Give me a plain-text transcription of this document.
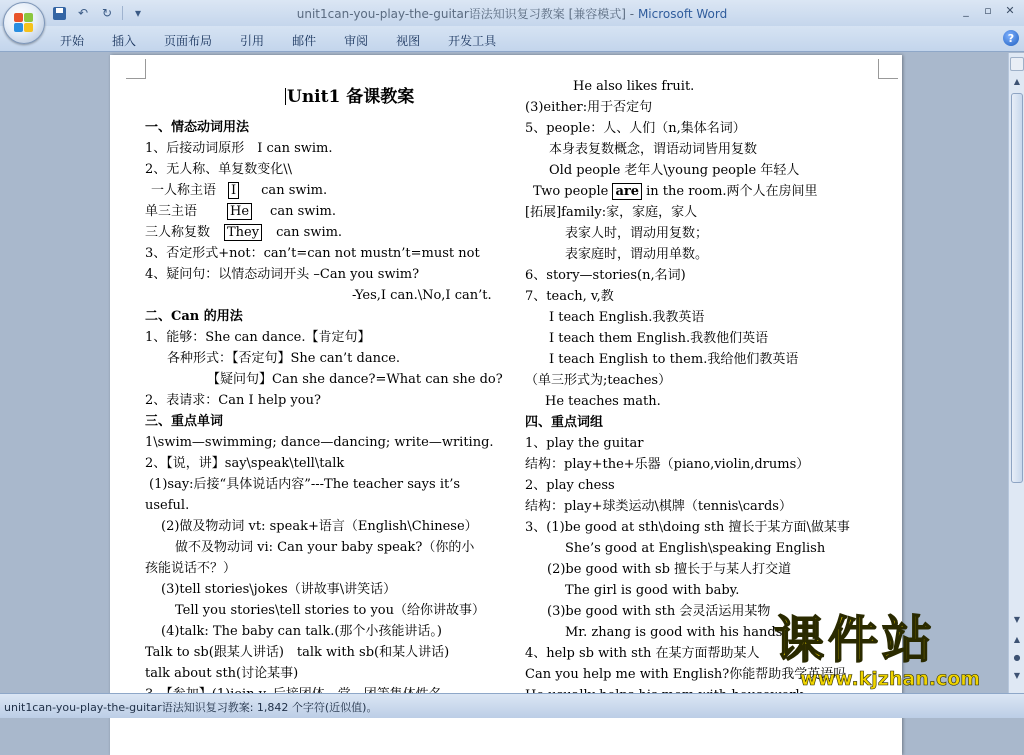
↶	↻	▾	unit1can-you-play-the-guitar语法知识复习教案 [兼容模式] - Microsoft Word	_	▫	✕
开始 插入 页面布局 引用 邮件 审阅 视图 开发工具	?
Unit1 备课教案
一、情态动词用法
1、后接动词原形　I can swim.
2、无人称、单复数变化\\
一人称主语 I can swim.
单三主语	He can swim.
三人称复数 They can swim.
3、否定形式+not：can’t=can not mustn’t=must not
4、疑问句：以情态动词开头 –Can you swim?
-Yes,I can.\No,I can’t.
二、Can 的用法
1、能够：She can dance.【肯定句】
各种形式：【否定句】She can’t dance.
【疑问句】Can she dance?=What can she do?
2、表请求：Can I help you?
三、重点单词
1\swim—swimming; dance—dancing; write—writing.
2、【说，讲】say\speak\tell\talk
(1)say:后接“具体说话内容”---The teacher says it’s
useful.
(2)做及物动词 vt: speak+语言（English\Chinese）
做不及物动词 vi: Can your baby speak?（你的小
孩能说话不？）
(3)tell stories\jokes（讲故事\讲笑话）
Tell you stories\tell stories to you（给你讲故事）
(4)talk: The baby can talk.(那个小孩能讲话。)
Talk to sb(跟某人讲话)　talk with sb(和某人讲话)
talk about sth(讨论某事)
He also likes fruit.
(3)either:用于否定句
5、people：人、人们（n,集体名词）
本身表复数概念，谓语动词皆用复数
Old people 老年人\young people 年轻人
Two people are in the room.两个人在房间里
[拓展]family:家，家庭，家人
表家人时，谓动用复数；
表家庭时，谓动用单数。
6、story—stories(n,名词)
7、teach, v,教
I teach English.我教英语
I teach them English.我教他们英语
I teach English to them.我给他们教英语
（单三形式为;teaches）
He teaches math.
四、重点词组
1、play the guitar
结构：play+the+乐器（piano,violin,drums）
2、play chess
结构：play+球类运动\棋牌（tennis\cards）
3、(1)be good at sth\doing sth 擅长于某方面\做某事
She’s good at English\speaking English
(2)be good with sb 擅长于与某人打交道
The girl is good with baby.
(3)be good with sth 会灵活运用某物
Mr. zhang is good with his hands.
4、help sb with sth 在某方面帮助某人
Can you help me with English?你能帮助我学英语吗
▲
▼
▲
●
▼
unit1can-you-play-the-guitar语法知识复习教案: 1,842 个字符(近似值)。
课件站
www.kjzhan.com
